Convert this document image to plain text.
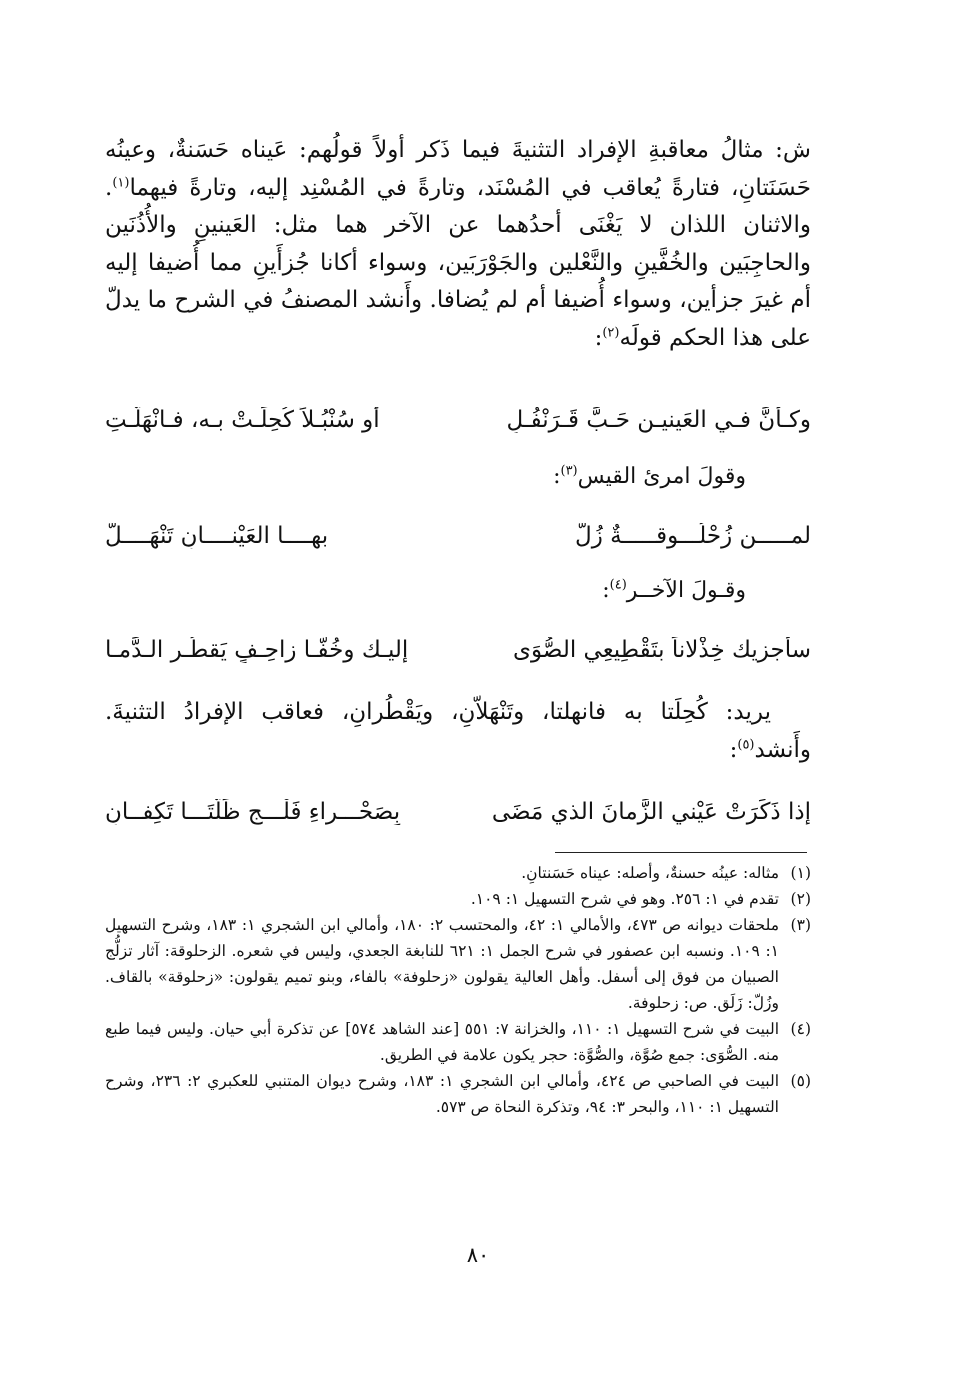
ش: مثالُ معاقبةِ الإفراد التثنيةَ فيما ذَكر أولاً قولُهم: عَيناه حَسَنةٌ، وعينُه حَسَنَتانِ، فتارةً يُعاقب في المُسْنَد، وتارةً في المُسْنِد إليه، وتارةً فيهما$^{(١)}$. والاثنان اللذان لا يَغْنَى أحدُهما عن الآخر هما مثل: العَينينِ والأُذُنَين والحاجِبَين والخُفَّينِ والنَّعْلين والجَوْرَبَين، وسواء أكانا جُزأَينِ مما أُضيفا إليه أم غيرَ جزأين، وسواء أُضيفا أم لم يُضافا. وأَنشد المصنفُ في الشرح ما يدلّ على هذا الحكم قولَه$^{(٢)}$:

وكـأنَّ فـي العَينيـنِ حَـبَّ قَـرَنْفُـلٍ
أو سُنْبُـلاً كُحِلَـتْ بـه، فـانْهَلَّـتِ
وقولَ امرئ القيس$^{(٣)}$:
لمـــــن زُحْلُـــوقـــــةٌ زُلُّ
بهــــا العَيْنــــانِ تَنْهَــــلُّ
وقـولَ الآخــر$^{(٤)}$:
سأجزيك خِذْلاناً بتَقْطِيعِي الصُّوَى
إليـك وخُفًّـا زاحِـفٍ يَقطُـر الـدَّمـا

يريد: كُحِلَتا به فانهلتا، وتَنْهَلاّنِ، ويَقْطُرانِ، فعاقب الإفرادُ التثنيةَ. وأَنشد$^{(٥)}$:

إذا ذَكَرَتْ عَيْني الزَّمانَ الذي مَضَى
بِصَحْـــراءِ فَلْـــجٍ ظَلَّتَـــا تَكِفــانِ
(١)
مثاله: عينُه حسنةٌ، وأصله: عيناه حَسَنتانِ.
(٢)
تقدم في ١: ٢٥٦. وهو في شرح التسهيل ١: ١٠٩.
(٣)
ملحقات ديوانه ص ٤٧٣، والأمالي ١: ٤٢، والمحتسب ٢: ١٨٠، وأمالي ابن الشجري ١: ١٨٣، وشرح التسهيل ١: ١٠٩. ونسبه ابن عصفور في شرح الجمل ١: ٦٢١ للنابغة الجعدي، وليس في شعره. الزحلوقة: آثار تزلُّج الصبيان من فوق إلى أسفل. وأهل العالية يقولون «زحلوفة» بالفاء، وبنو تميم يقولون: «زحلوقة» بالقاف. وزُلّ: زَلَق. ص: زحلوفة.
(٤)
البيت في شرح التسهيل ١: ١١٠، والخزانة ٧: ٥٥١ [عند الشاهد ٥٧٤] عن تذكرة أبي حيان. وليس فيما طبع منه. الصُّوَى: جمع صُوَّة، والصُّوَّة: حجر يكون علامة في الطريق.
(٥)
البيت في الصاحبي ص ٤٢٤، وأمالي ابن الشجري ١: ١٨٣، وشرح ديوان المتنبي للعكبري ٢: ٢٣٦، وشرح التسهيل ١: ١١٠، والبحر ٣: ٩٤، وتذكرة النحاة ص ٥٧٣.
٨٠
